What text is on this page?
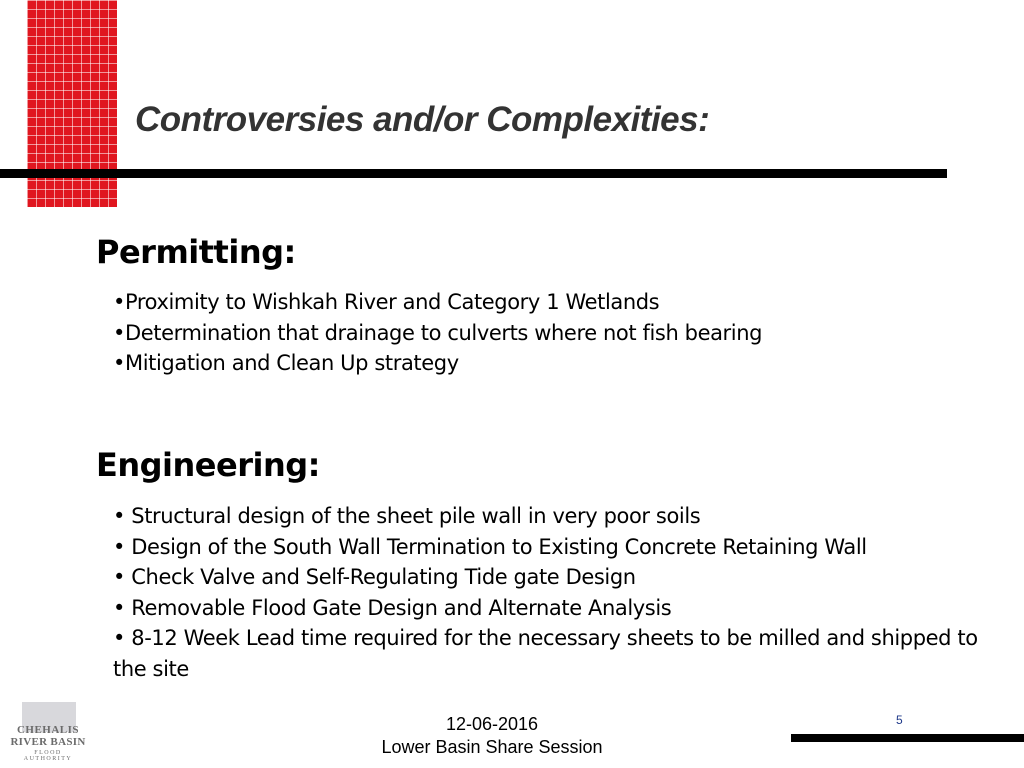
Controversies and/or Complexities:
Permitting:
•Proximity to Wishkah River and Category 1 Wetlands
•Determination that drainage to culverts where not fish bearing
•Mitigation and Clean Up strategy
Engineering:
• Structural design of the sheet pile wall in very poor soils
• Design of the South Wall Termination to Existing Concrete Retaining Wall
• Check Valve and Self-Regulating Tide gate Design
• Removable Flood Gate Design and Alternate Analysis
• 8-12 Week Lead time required for the necessary sheets to be milled and shipped to the site
CHEHALIS
RIVER BASIN
FLOOD AUTHORITY
12-06-2016
Lower Basin Share Session
5
